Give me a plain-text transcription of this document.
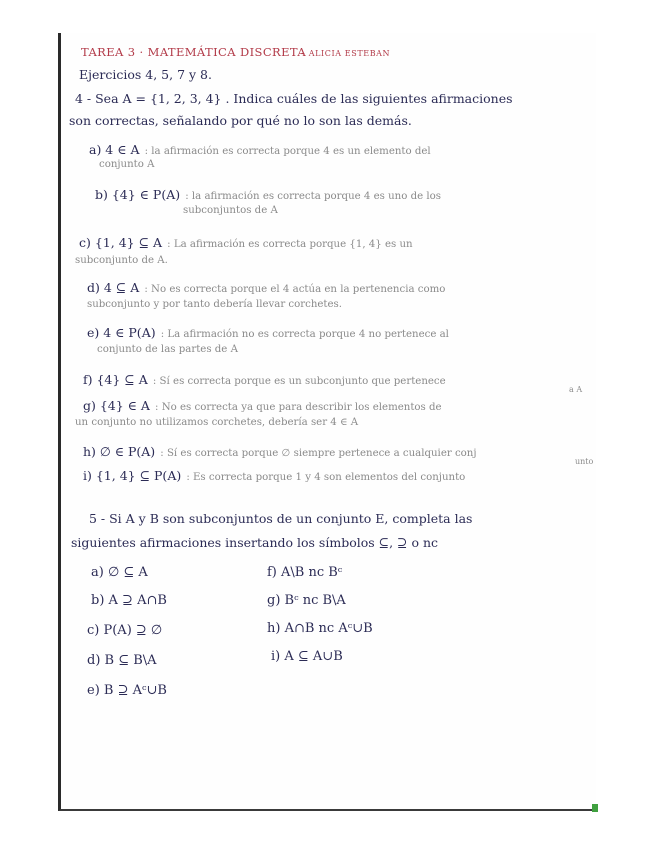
TAREA 3 · MATEMÁTICA DISCRETA
– ALICIA ESTEBAN
Ejercicios 4, 5, 7 y 8.
4 - Sea A = {1, 2, 3, 4} . Indica cuáles de las siguientes afirmaciones
son correctas, señalando por qué no lo son las demás.
a) 4 ∈ A : la afirmación es correcta porque 4 es un elemento del
conjunto A
b) {4} ∈ P(A) : la afirmación es correcta porque 4 es uno de los
subconjuntos de A
c) {1, 4} ⊆ A : La afirmación es correcta porque {1, 4} es un
subconjunto de A.
d) 4 ⊆ A : No es correcta porque el 4 actúa en la pertenencia como
subconjunto y por tanto debería llevar corchetes.
e) 4 ∈ P(A) : La afirmación no es correcta porque 4 no pertenece al
conjunto de las partes de A
f) {4} ⊆ A : Sí es correcta porque es un subconjunto que pertenece
a A
g) {4} ∈ A : No es correcta ya que para describir los elementos de
un conjunto no utilizamos corchetes, debería ser 4 ∈ A
h) ∅ ∈ P(A) : Sí es correcta porque ∅ siempre pertenece a cualquier conj
unto
i) {1, 4} ⊆ P(A) : Es correcta porque 1 y 4 son elementos del conjunto
5 - Si A y B son subconjuntos de un conjunto E, completa las
siguientes afirmaciones insertando los símbolos ⊆, ⊇ o nc
a) ∅ ⊆ A
b) A ⊇ A∩B
c) P(A) ⊇ ∅
d) B ⊆ B\A
e) B ⊇ Aᶜ∪B
f) A\B nc Bᶜ
g) Bᶜ nc B\A
h) A∩B nc Aᶜ∪B
i) A ⊆ A∪B
